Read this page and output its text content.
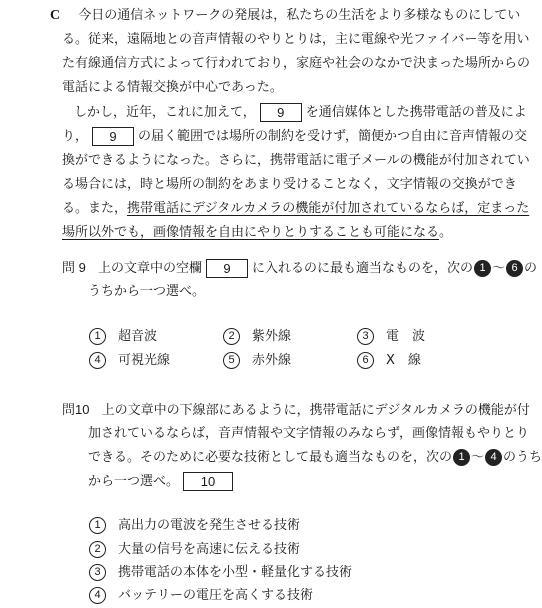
C 今日の通信ネットワークの発展は，私たちの生活をより多様なものにしてい
る。従来，遠隔地との音声情報のやりとりは，主に電線や光ファイバー等を用い
た有線通信方式によって行われており，家庭や社会のなかで決まった場所からの
電話による情報交換が中心であった。
しかし，近年，これに加えて， 9 を通信媒体とした携帯電話の普及によ
り， 9 の届く範囲では場所の制約を受けず，簡便かつ自由に音声情報の交
換ができるようになった。さらに，携帯電話に電子メールの機能が付加されてい
る場合には，時と場所の制約をあまり受けることなく，文字情報の交換ができ
る。また，携帯電話にデジタルカメラの機能が付加されているならば，定まった
場所以外でも，画像情報を自由にやりとりすることも可能になる。
問 9 上の文章中の空欄 9 に入れるのに最も適当なものを，次の 1 〜 6 の
うちから一つ選べ。
1 超音波	2 紫外線	3 電　波
4 可視光線	5 赤外線	6 X　線
問10 上の文章中の下線部にあるように，携帯電話にデジタルカメラの機能が付
加されているならば，音声情報や文字情報のみならず，画像情報もやりとり
できる。そのために必要な技術として最も適当なものを，次の 1 〜 4 のうち
から一つ選べ。 10
1 高出力の電波を発生させる技術
2 大量の信号を高速に伝える技術
3 携帯電話の本体を小型・軽量化する技術
4 バッテリーの電圧を高くする技術
